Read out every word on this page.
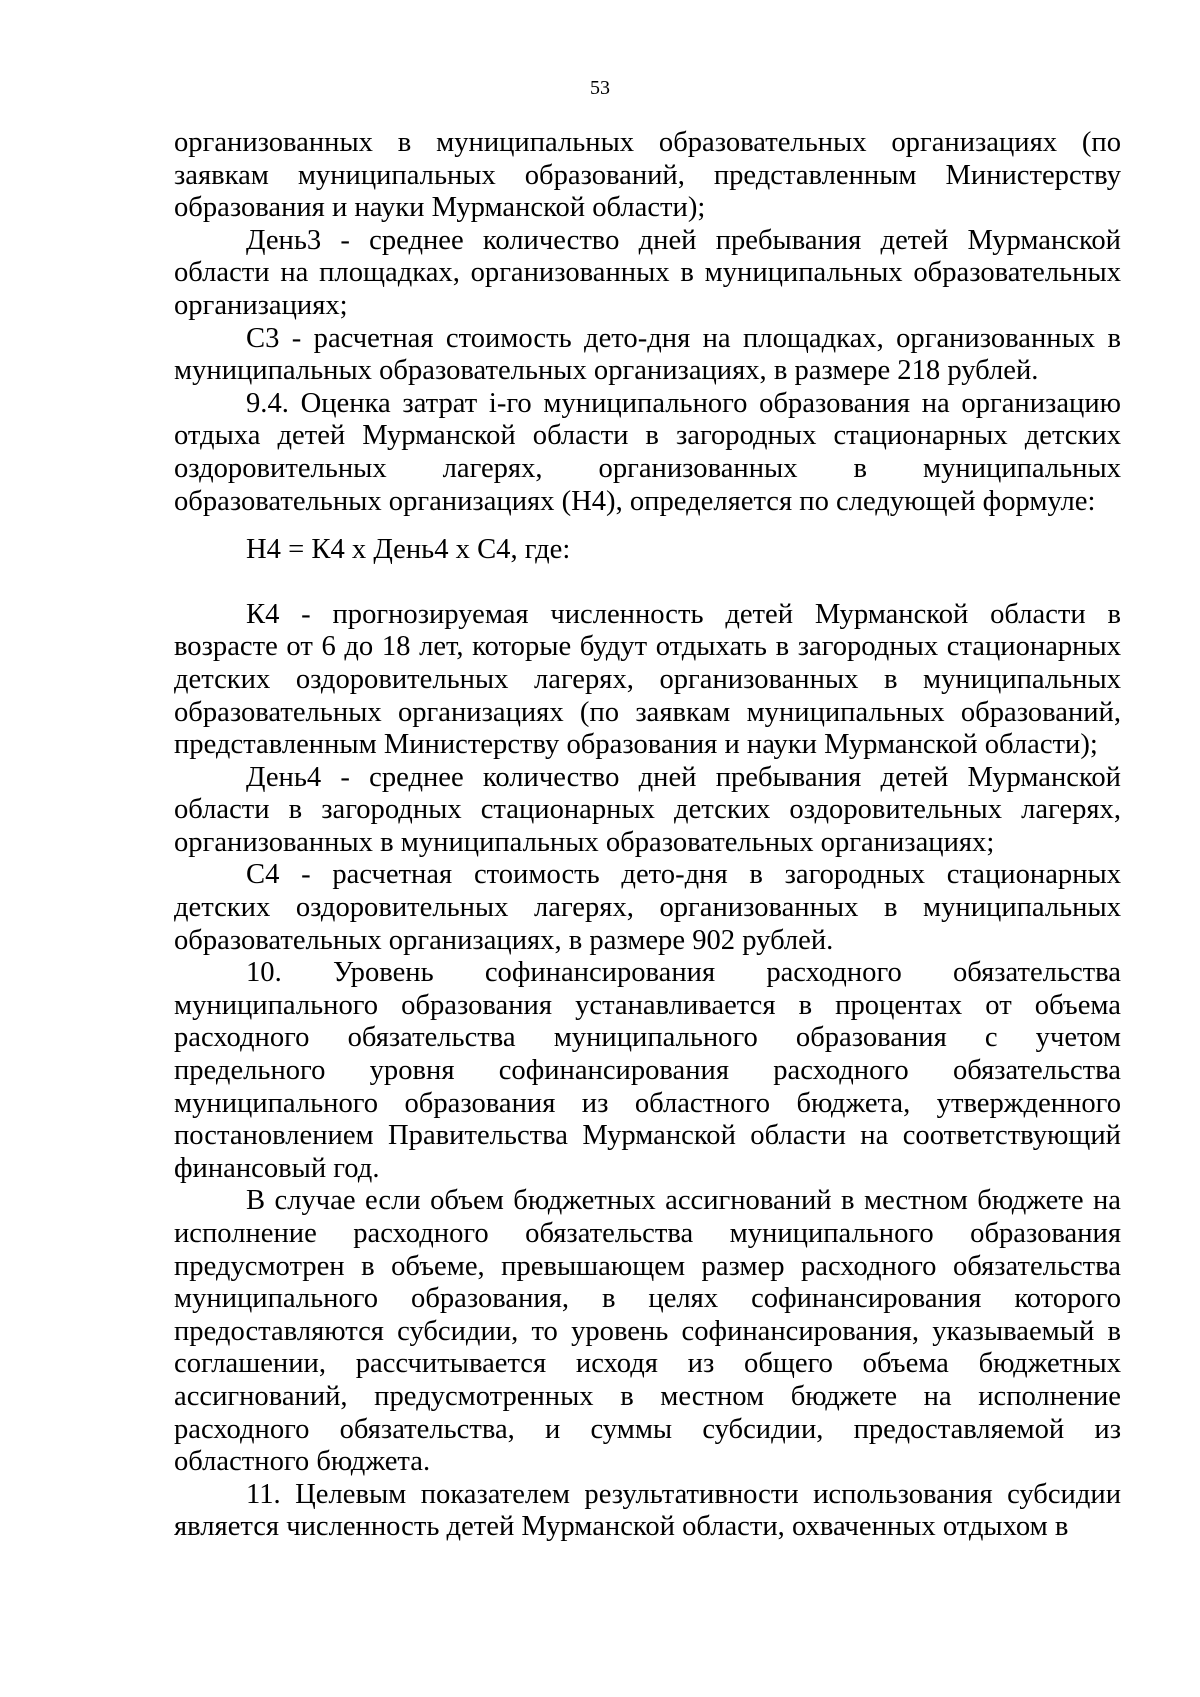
53

организованных в муниципальных образовательных организациях (по заявкам муниципальных образований, представленным Министерству образования и науки Мурманской области);

День3 - среднее количество дней пребывания детей Мурманской области на площадках, организованных в муниципальных образовательных организациях;

С3 - расчетная стоимость дето-дня на площадках, организованных в муниципальных образовательных организациях, в размере 218 рублей.

9.4. Оценка затрат i-го муниципального образования на организацию отдыха детей Мурманской области в загородных стационарных детских оздоровительных лагерях, организованных в муниципальных образовательных организациях (Н4), определяется по следующей формуле:

Н4 = К4 х День4 х С4, где:

К4 - прогнозируемая численность детей Мурманской области в возрасте от 6 до 18 лет, которые будут отдыхать в загородных стационарных детских оздоровительных лагерях, организованных в муниципальных образовательных организациях (по заявкам муниципальных образований, представленным Министерству образования и науки Мурманской области);

День4 - среднее количество дней пребывания детей Мурманской области в загородных стационарных детских оздоровительных лагерях, организованных в муниципальных образовательных организациях;

С4 - расчетная стоимость дето-дня в загородных стационарных детских оздоровительных лагерях, организованных в муниципальных образовательных организациях, в размере 902 рублей.

10. Уровень софинансирования расходного обязательства муниципального образования устанавливается в процентах от объема расходного обязательства муниципального образования с учетом предельного уровня софинансирования расходного обязательства муниципального образования из областного бюджета, утвержденного постановлением Правительства Мурманской области на соответствующий финансовый год.

В случае если объем бюджетных ассигнований в местном бюджете на исполнение расходного обязательства муниципального образования предусмотрен в объеме, превышающем размер расходного обязательства муниципального образования, в целях софинансирования которого предоставляются субсидии, то уровень софинансирования, указываемый в соглашении, рассчитывается исходя из общего объема бюджетных ассигнований, предусмотренных в местном бюджете на исполнение расходного обязательства, и суммы субсидии, предоставляемой из областного бюджета.

11. Целевым показателем результативности использования субсидии является численность детей Мурманской области, охваченных отдыхом в
